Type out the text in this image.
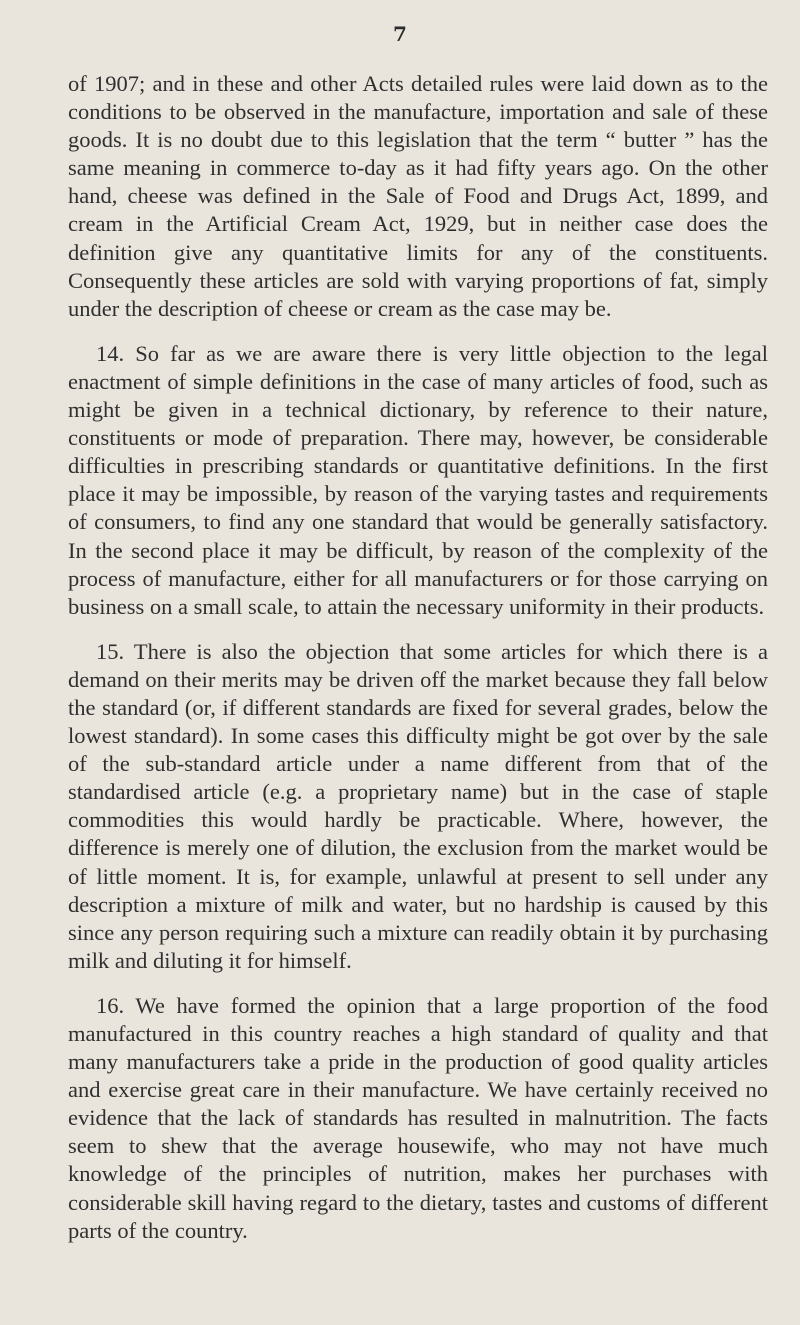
7

of 1907; and in these and other Acts detailed rules were laid down as to the conditions to be observed in the manufacture, importation and sale of these goods. It is no doubt due to this legislation that the term “ butter ” has the same meaning in commerce to-day as it had fifty years ago. On the other hand, cheese was defined in the Sale of Food and Drugs Act, 1899, and cream in the Artificial Cream Act, 1929, but in neither case does the definition give any quantitative limits for any of the constituents. Consequently these articles are sold with varying proportions of fat, simply under the description of cheese or cream as the case may be.

14. So far as we are aware there is very little objection to the legal enactment of simple definitions in the case of many articles of food, such as might be given in a technical dictionary, by reference to their nature, constituents or mode of preparation. There may, however, be considerable difficulties in prescribing standards or quantitative definitions. In the first place it may be impossible, by reason of the varying tastes and requirements of consumers, to find any one standard that would be generally satisfactory. In the second place it may be difficult, by reason of the complexity of the process of manufacture, either for all manufacturers or for those carrying on business on a small scale, to attain the necessary uniformity in their products.

15. There is also the objection that some articles for which there is a demand on their merits may be driven off the market because they fall below the standard (or, if different standards are fixed for several grades, below the lowest standard). In some cases this difficulty might be got over by the sale of the sub-standard article under a name different from that of the standardised article (e.g. a proprietary name) but in the case of staple commodities this would hardly be practicable. Where, however, the difference is merely one of dilution, the exclusion from the market would be of little moment. It is, for example, unlawful at present to sell under any description a mixture of milk and water, but no hardship is caused by this since any person requiring such a mixture can readily obtain it by purchasing milk and diluting it for himself.

16. We have formed the opinion that a large proportion of the food manufactured in this country reaches a high standard of quality and that many manufacturers take a pride in the production of good quality articles and exercise great care in their manufacture. We have certainly received no evidence that the lack of standards has resulted in malnutrition. The facts seem to shew that the average housewife, who may not have much knowledge of the principles of nutrition, makes her purchases with considerable skill having regard to the dietary, tastes and customs of different parts of the country.
